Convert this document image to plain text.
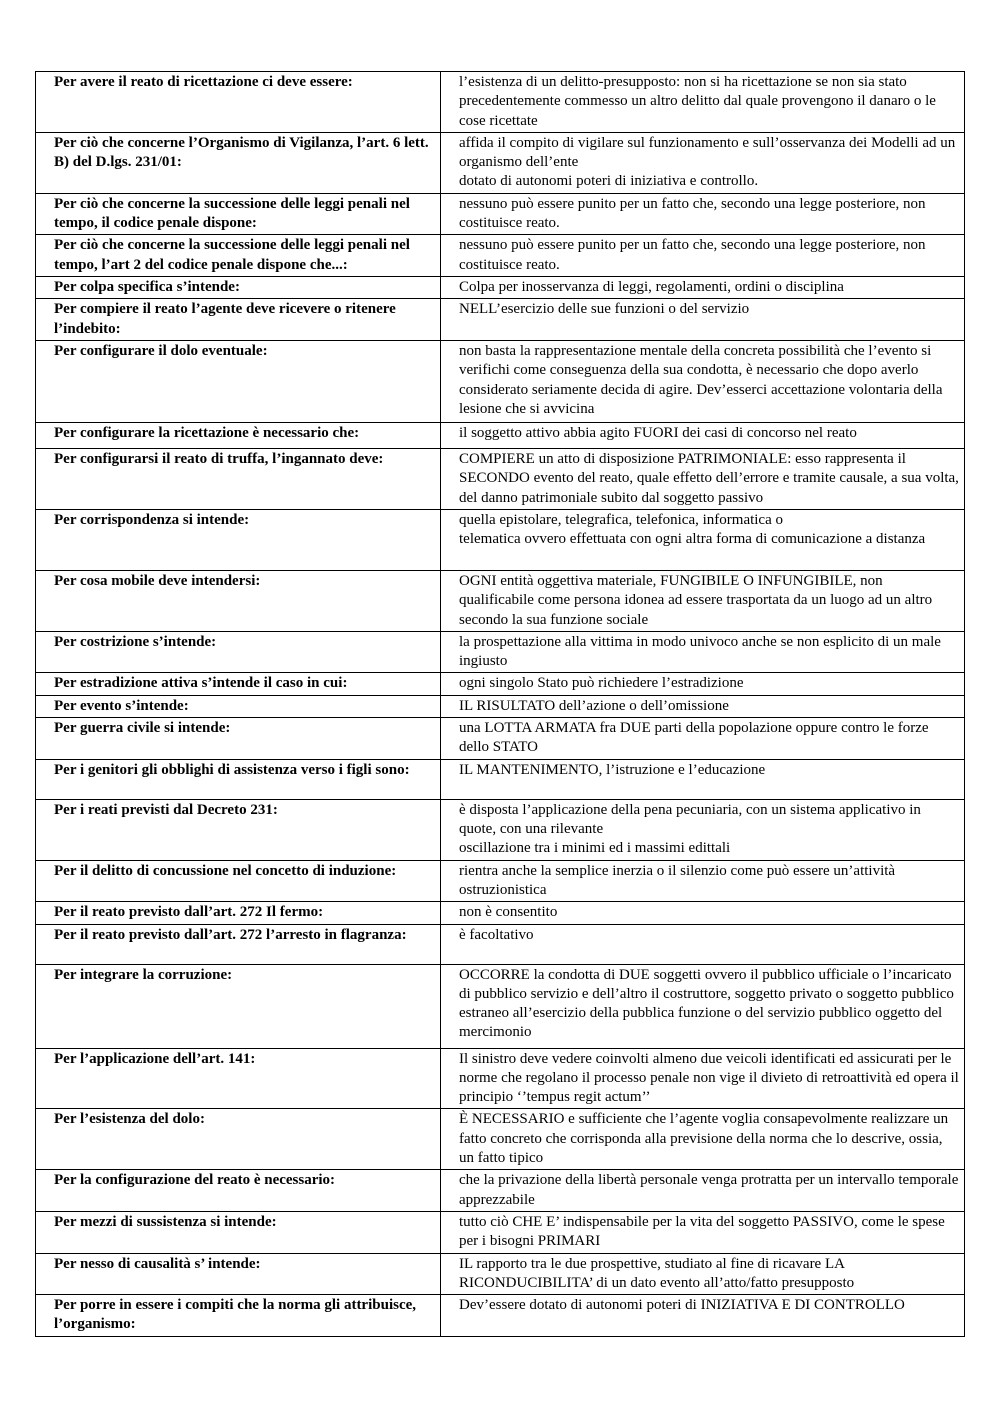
Per avere il reato di ricettazione ci deve essere:	l’esistenza di un delitto-presupposto: non si ha ricettazione se non sia stato precedentemente commesso un altro delitto dal quale provengono il danaro o le cose ricettate
Per ciò che concerne l’Organismo di Vigilanza, l’art. 6 lett. B) del D.lgs. 231/01:	affida il compito di vigilare sul funzionamento e sull’osservanza dei Modelli ad un organismo dell’ente
dotato di autonomi poteri di iniziativa e controllo.
Per ciò che concerne la successione delle leggi penali nel tempo, il codice penale dispone:	nessuno può essere punito per un fatto che, secondo una legge posteriore, non costituisce reato.
Per ciò che concerne la successione delle leggi penali nel tempo, l’art 2 del codice penale dispone che...:	nessuno può essere punito per un fatto che, secondo una legge posteriore, non costituisce reato.
Per colpa specifica s’intende:	Colpa per inosservanza di leggi, regolamenti, ordini o disciplina
Per compiere il reato l’agente deve ricevere o ritenere l’indebito:	NELL’esercizio delle sue funzioni o del servizio
Per configurare il dolo eventuale:	non basta la rappresentazione mentale della concreta possibilità che l’evento si verifichi come conseguenza della sua condotta, è necessario che dopo averlo considerato seriamente decida di agire. Dev’esserci accettazione volontaria della lesione che si avvicina
Per configurare la ricettazione è necessario che:	il soggetto attivo abbia agito FUORI dei casi di concorso nel reato
Per configurarsi il reato di truffa, l’ingannato deve:	COMPIERE un atto di disposizione PATRIMONIALE: esso rappresenta il SECONDO evento del reato, quale effetto dell’errore e tramite causale, a sua volta, del danno patrimoniale subito dal soggetto passivo
Per corrispondenza si intende:	quella epistolare, telegrafica, telefonica, informatica o
telematica ovvero effettuata con ogni altra forma di comunicazione a distanza
Per cosa mobile deve intendersi:	OGNI entità oggettiva materiale, FUNGIBILE O INFUNGIBILE, non qualificabile come persona idonea ad essere trasportata da un luogo ad un altro secondo la sua funzione sociale
Per costrizione s’intende:	la prospettazione alla vittima in modo univoco anche se non esplicito di un male ingiusto
Per estradizione attiva s’intende il caso in cui:	ogni singolo Stato può richiedere l’estradizione
Per evento s’intende:	IL RISULTATO dell’azione o dell’omissione
Per guerra civile si intende:	una LOTTA ARMATA fra DUE parti della popolazione oppure contro le forze dello STATO
Per i genitori gli obblighi di assistenza verso i figli sono:	IL MANTENIMENTO, l’istruzione e l’educazione
Per i reati previsti dal Decreto 231:	è disposta l’applicazione della pena pecuniaria, con un sistema applicativo in quote, con una rilevante
oscillazione tra i minimi ed i massimi edittali
Per il delitto di concussione nel concetto di induzione:	rientra anche la semplice inerzia o il silenzio come può essere un’attività ostruzionistica
Per il reato previsto dall’art. 272 Il fermo:	non è consentito
Per il reato previsto dall’art. 272 l’arresto in flagranza:	è facoltativo
Per integrare la corruzione:	OCCORRE la condotta di DUE soggetti ovvero il pubblico ufficiale o l’incaricato di pubblico servizio e dell’altro il costruttore, soggetto privato o soggetto pubblico estraneo all’esercizio della pubblica funzione o del servizio pubblico oggetto del mercimonio
Per l’applicazione dell’art. 141:	Il sinistro deve vedere coinvolti almeno due veicoli identificati ed assicurati per le norme che regolano il processo penale non vige il divieto di retroattività ed opera il principio ‘’tempus regit actum’’
Per l’esistenza del dolo:	È NECESSARIO e sufficiente che l’agente voglia consapevolmente realizzare un fatto concreto che corrisponda alla previsione della norma che lo descrive, ossia, un fatto tipico
Per la configurazione del reato è necessario:	che la privazione della libertà personale venga protratta per un intervallo temporale apprezzabile
Per mezzi di sussistenza si intende:	tutto ciò CHE E’ indispensabile per la vita del soggetto PASSIVO, come le spese per i bisogni PRIMARI
Per nesso di causalità s’ intende:	IL rapporto tra le due prospettive, studiato al fine di ricavare LA RICONDUCIBILITA’ di un dato evento all’atto/fatto presupposto
Per porre in essere i compiti che la norma gli attribuisce, l’organismo:	Dev’essere dotato di autonomi poteri di INIZIATIVA E DI CONTROLLO
